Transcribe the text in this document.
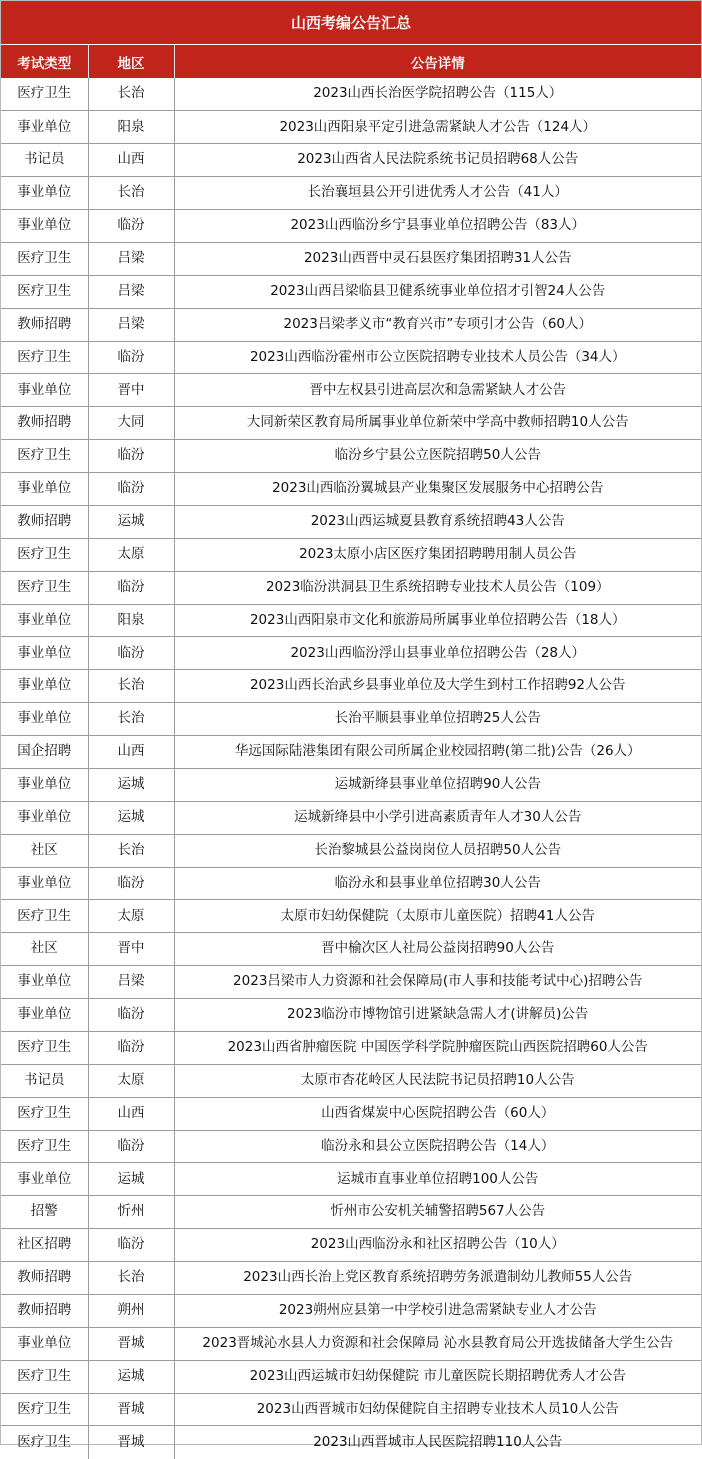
山西考编公告汇总
考试类型	地区	公告详情
医疗卫生	长治	2023山西长治医学院招聘公告（115人）
事业单位	阳泉	2023山西阳泉平定引进急需紧缺人才公告（124人）
书记员	山西	2023山西省人民法院系统书记员招聘68人公告
事业单位	长治	长治襄垣县公开引进优秀人才公告（41人）
事业单位	临汾	2023山西临汾乡宁县事业单位招聘公告（83人）
医疗卫生	吕梁	2023山西晋中灵石县医疗集团招聘31人公告
医疗卫生	吕梁	2023山西吕梁临县卫健系统事业单位招才引智24人公告
教师招聘	吕梁	2023吕梁孝义市“教育兴市”专项引才公告（60人）
医疗卫生	临汾	2023山西临汾霍州市公立医院招聘专业技术人员公告（34人）
事业单位	晋中	晋中左权县引进高层次和急需紧缺人才公告
教师招聘	大同	大同新荣区教育局所属事业单位新荣中学高中教师招聘10人公告
医疗卫生	临汾	临汾乡宁县公立医院招聘50人公告
事业单位	临汾	2023山西临汾翼城县产业集聚区发展服务中心招聘公告
教师招聘	运城	2023山西运城夏县教育系统招聘43人公告
医疗卫生	太原	2023太原小店区医疗集团招聘聘用制人员公告
医疗卫生	临汾	2023临汾洪洞县卫生系统招聘专业技术人员公告（109）
事业单位	阳泉	2023山西阳泉市文化和旅游局所属事业单位招聘公告（18人）
事业单位	临汾	2023山西临汾浮山县事业单位招聘公告（28人）
事业单位	长治	2023山西长治武乡县事业单位及大学生到村工作招聘92人公告
事业单位	长治	长治平顺县事业单位招聘25人公告
国企招聘	山西	华远国际陆港集团有限公司所属企业校园招聘(第二批)公告（26人）
事业单位	运城	运城新绛县事业单位招聘90人公告
事业单位	运城	运城新绛县中小学引进高素质青年人才30人公告
社区	长治	长治黎城县公益岗岗位人员招聘50人公告
事业单位	临汾	临汾永和县事业单位招聘30人公告
医疗卫生	太原	太原市妇幼保健院（太原市儿童医院）招聘41人公告
社区	晋中	晋中榆次区人社局公益岗招聘90人公告
事业单位	吕梁	2023吕梁市人力资源和社会保障局(市人事和技能考试中心)招聘公告
事业单位	临汾	2023临汾市博物馆引进紧缺急需人才(讲解员)公告
医疗卫生	临汾	2023山西省肿瘤医院 中国医学科学院肿瘤医院山西医院招聘60人公告
书记员	太原	太原市杏花岭区人民法院书记员招聘10人公告
医疗卫生	山西	山西省煤炭中心医院招聘公告（60人）
医疗卫生	临汾	临汾永和县公立医院招聘公告（14人）
事业单位	运城	运城市直事业单位招聘100人公告
招警	忻州	忻州市公安机关辅警招聘567人公告
社区招聘	临汾	2023山西临汾永和社区招聘公告（10人）
教师招聘	长治	2023山西长治上党区教育系统招聘劳务派遣制幼儿教师55人公告
教师招聘	朔州	2023朔州应县第一中学校引进急需紧缺专业人才公告
事业单位	晋城	2023晋城沁水县人力资源和社会保障局 沁水县教育局公开选拔储备大学生公告
医疗卫生	运城	2023山西运城市妇幼保健院 市儿童医院长期招聘优秀人才公告
医疗卫生	晋城	2023山西晋城市妇幼保健院自主招聘专业技术人员10人公告
医疗卫生	晋城	2023山西晋城市人民医院招聘110人公告
